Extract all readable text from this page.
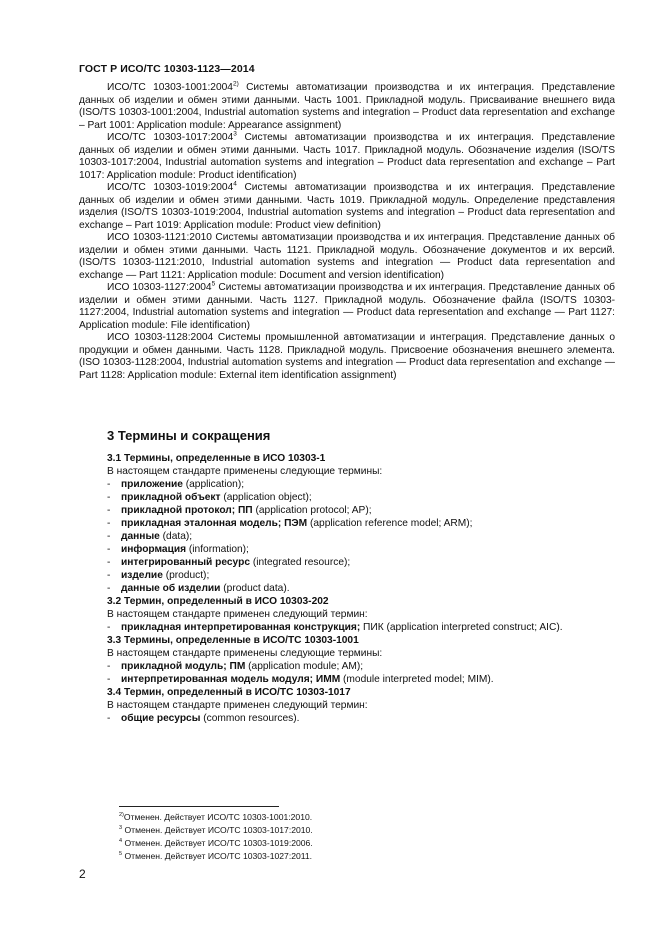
ГОСТ Р ИСО/ТС 10303-1123—2014

ИСО/ТС 10303-1001:2004$^{2)}$ Системы автоматизации производства и их интеграция. Представление данных об изделии и обмен этими данными. Часть 1001. Прикладной модуль. Присваивание внешнего вида (ISO/TS 10303-1001:2004, Industrial automation systems and integration – Product data representation and exchange – Part 1001: Application module: Appearance assignment)

ИСО/ТС 10303-1017:2004$^3$ Системы автоматизации производства и их интеграция. Представление данных об изделии и обмен этими данными. Часть 1017. Прикладной модуль. Обозначение изделия (ISO/TS 10303-1017:2004, Industrial automation systems and integration – Product data representation and exchange – Part 1017: Application module: Product identification)

ИСО/ТС 10303-1019:2004$^4$ Системы автоматизации производства и их интеграция. Представление данных об изделии и обмен этими данными. Часть 1019. Прикладной модуль. Определение представления изделия (ISO/TS 10303-1019:2004, Industrial automation systems and integration – Product data representation and exchange – Part 1019: Application module: Product view definition)

ИСО 10303-1121:2010 Системы автоматизации производства и их интеграция. Представление данных об изделии и обмен этими данными. Часть 1121. Прикладной модуль. Обозначение документов и их версий. (ISO/TS 10303-1121:2010, Industrial automation systems and integration — Product data representation and exchange — Part 1121: Application module: Document and version identification)

ИСО 10303-1127:2004$^5$ Системы автоматизации производства и их интеграция. Представление данных об изделии и обмен этими данными. Часть 1127. Прикладной модуль. Обозначение файла (ISO/TS 10303-1127:2004, Industrial automation systems and integration — Product data representation and exchange — Part 1127: Application module: File identification)

ИСО 10303-1128:2004 Системы промышленной автоматизации и интеграция. Представление данных о продукции и обмен данными. Часть 1128. Прикладной модуль. Присвоение обозначения внешнего элемента. (ISO 10303-1128:2004, Industrial automation systems and integration — Product data representation and exchange — Part 1128: Application module: External item identification assignment)

3 Термины и сокращения

3.1 Термины, определенные в ИСО 10303-1

В настоящем стандарте применены следующие термины:

- приложение (application);

- прикладной объект (application object);

- прикладной протокол; ПП (application protocol; AP);

- прикладная эталонная модель; ПЭМ (application reference model; ARM);

- данные (data);

- информация (information);

- интегрированный ресурс (integrated resource);

- изделие (product);

- данные об изделии (product data).

3.2 Термин, определенный в ИСО 10303-202

В настоящем стандарте применен следующий термин:

- прикладная интерпретированная конструкция; ПИК (application interpreted construct; AIC).

3.3 Термины, определенные в ИСО/ТС 10303-1001

В настоящем стандарте применены следующие термины:

- прикладной модуль; ПМ (application module; AM);

- интерпретированная модель модуля; ИММ (module interpreted model; MIM).

3.4 Термин, определенный в ИСО/ТС 10303-1017

В настоящем стандарте применен следующий термин:

- общие ресурсы (common resources).

$^{2)}$Отменен. Действует ИСО/ТС 10303-1001:2010.

$^3$ Отменен. Действует ИСО/ТС 10303-1017:2010.

$^4$ Отменен. Действует ИСО/ТС 10303-1019:2006.

$^5$ Отменен. Действует ИСО/ТС 10303-1027:2011.

2
